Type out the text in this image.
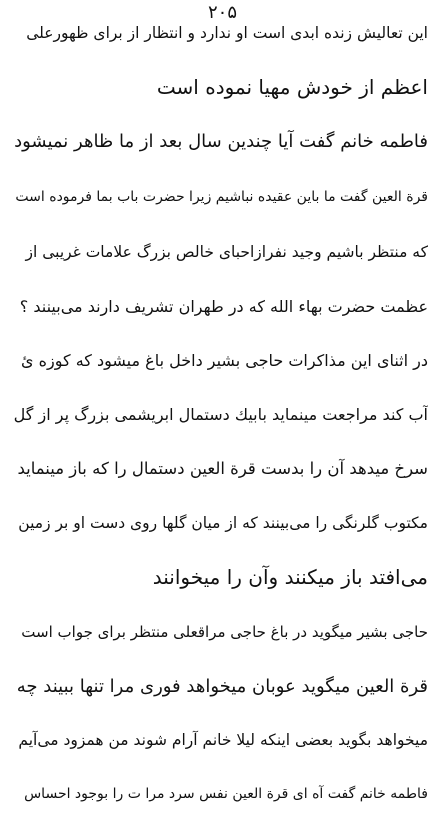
۲۰۵
این تعالیش زنده ابدی است او ندارد و انتظار از برای ظهورعلی
اعظم از خودش مهیا نموده است
فاطمه خانم گفت آیا چندین سال بعد از ما ظاهر نمیشود
قرة العین گفت ما باین عقیده نباشیم زیرا حضرت باب بما فرموده است
که منتظر باشیم وجید نفرازاحبای خالص بزرگ علامات غریبی از
عظمت حضرت بهاء الله که در طهران تشریف دارند می‌بینند ؟
در اثنای این مذاکرات حاجی بشیر داخل باغ میشود که کوزه ئ
آب کند مراجعت مینماید بابیك دستمال ابریشمی بزرگ پر از گل
سرخ میدهد آن را بدست قرة العین دستمال را که باز مینماید
مکتوب گلرنگی را می‌بینند که از میان گلها روی دست او بر زمین
می‌افتد باز میکنند وآن را میخوانند
حاجی بشیر میگوید در باغ حاجی مراقعلی منتظر برای جواب است
قرة العین میگوید عوبان میخواهد فوری مرا تنها ببیند چه
میخواهد بگوید بعضی اینکه لیلا خانم آرام شوند من همزود می‌آیم
فاطمه خانم گفت آه ای قرة العین نفس سرد مرا ت را بوجود احساس
